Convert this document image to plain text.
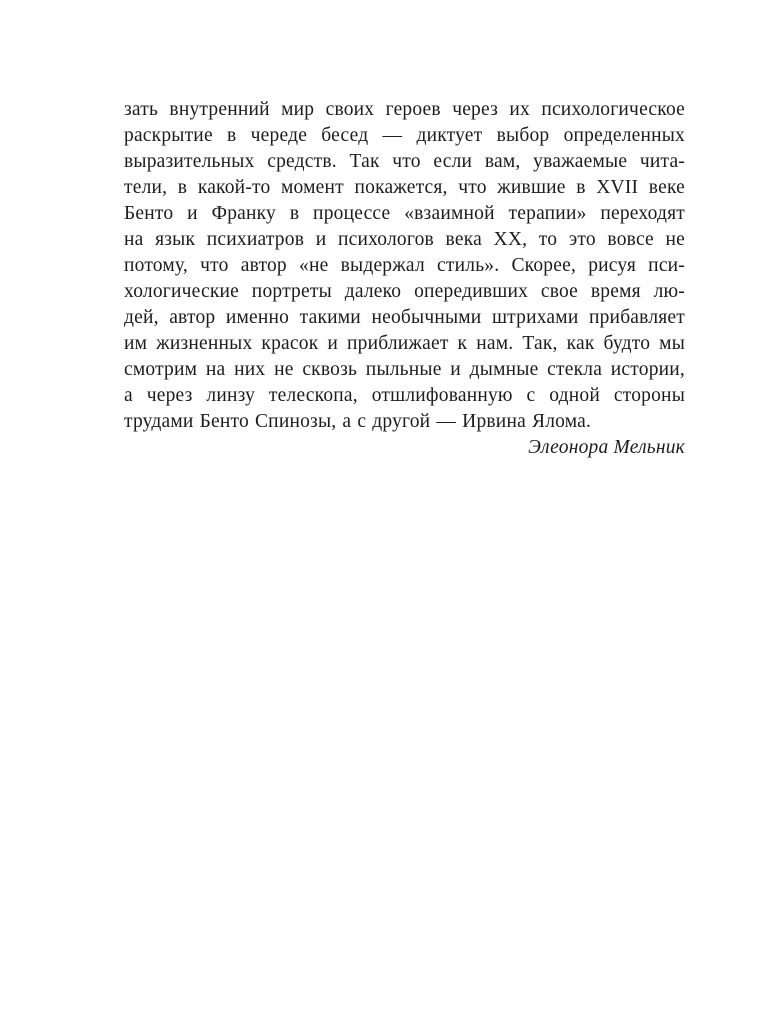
зать внутренний мир своих героев через их психологическое
раскрытие в череде бесед — диктует выбор определенных
выразительных средств. Так что если вам, уважаемые чита-
тели, в какой-то момент покажется, что жившие в XVII веке
Бенто и Франку в процессе «взаимной терапии» переходят
на язык психиатров и психологов века XX, то это вовсе не
потому, что автор «не выдержал стиль». Скорее, рисуя пси-
хологические портреты далеко опередивших свое время лю-
дей, автор именно такими необычными штрихами прибавляет
им жизненных красок и приближает к нам. Так, как будто мы
смотрим на них не сквозь пыльные и дымные стекла истории,
а через линзу телескопа, отшлифованную с одной стороны
трудами Бенто Спинозы, а с другой — Ирвина Ялома.
Элеонора Мельник
